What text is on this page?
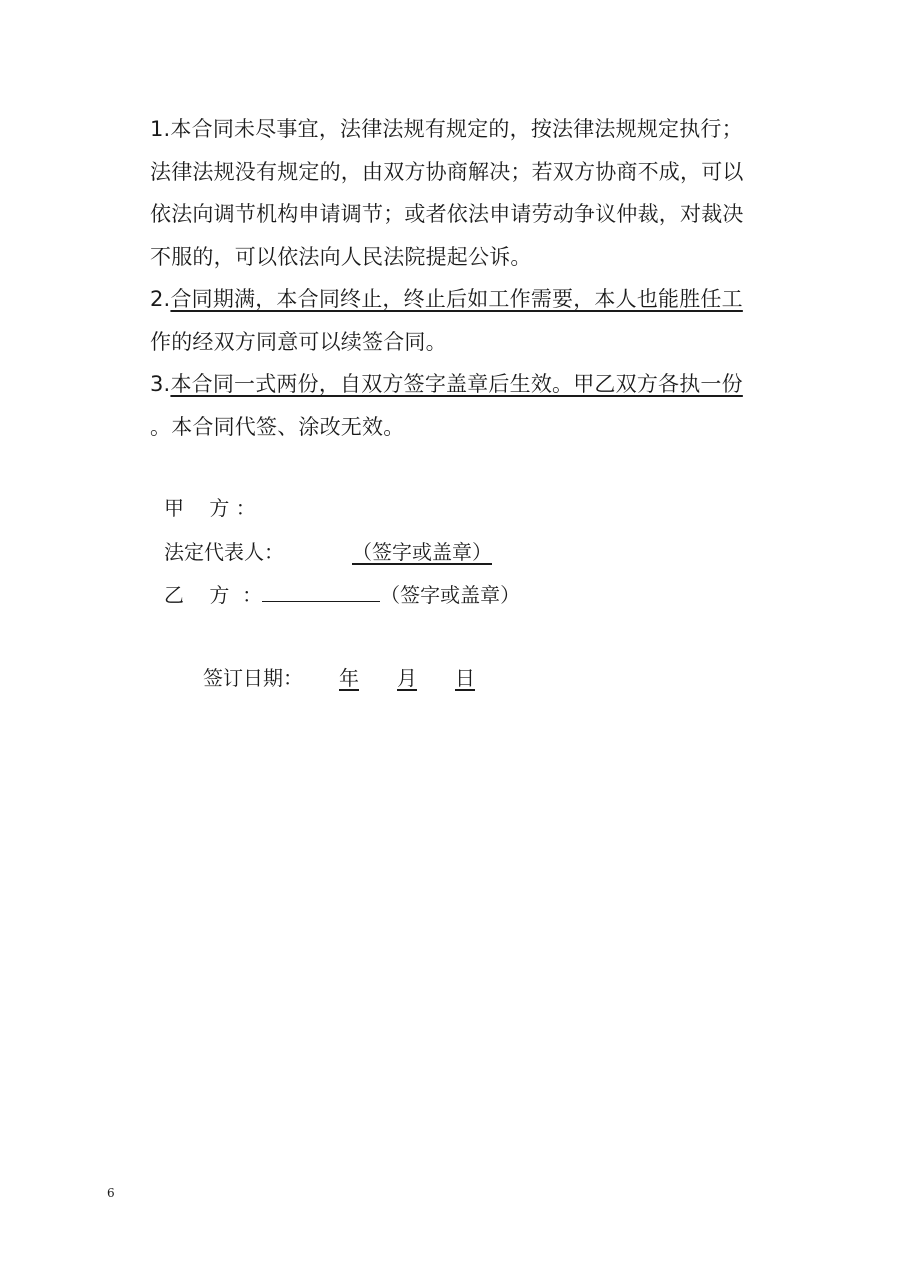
1.本合同未尽事宜，法律法规有规定的，按法律法规规定执行；
法律法规没有规定的，由双方协商解决；若双方协商不成，可以
依法向调节机构申请调节；或者依法申请劳动争议仲裁，对裁决
不服的，可以依法向人民法院提起公诉。
2.合同期满，本合同终止，终止后如工作需要，本人也能胜任工
作的经双方同意可以续签合同。
3.本合同一式两份，自双方签字盖章后生效。甲乙双方各执一份
。本合同代签、涂改无效。
甲    方 ：
法定代表人：	（签字或盖章）
乙    方  ：	（签字或盖章）
签订日期： 年 月 日
6
